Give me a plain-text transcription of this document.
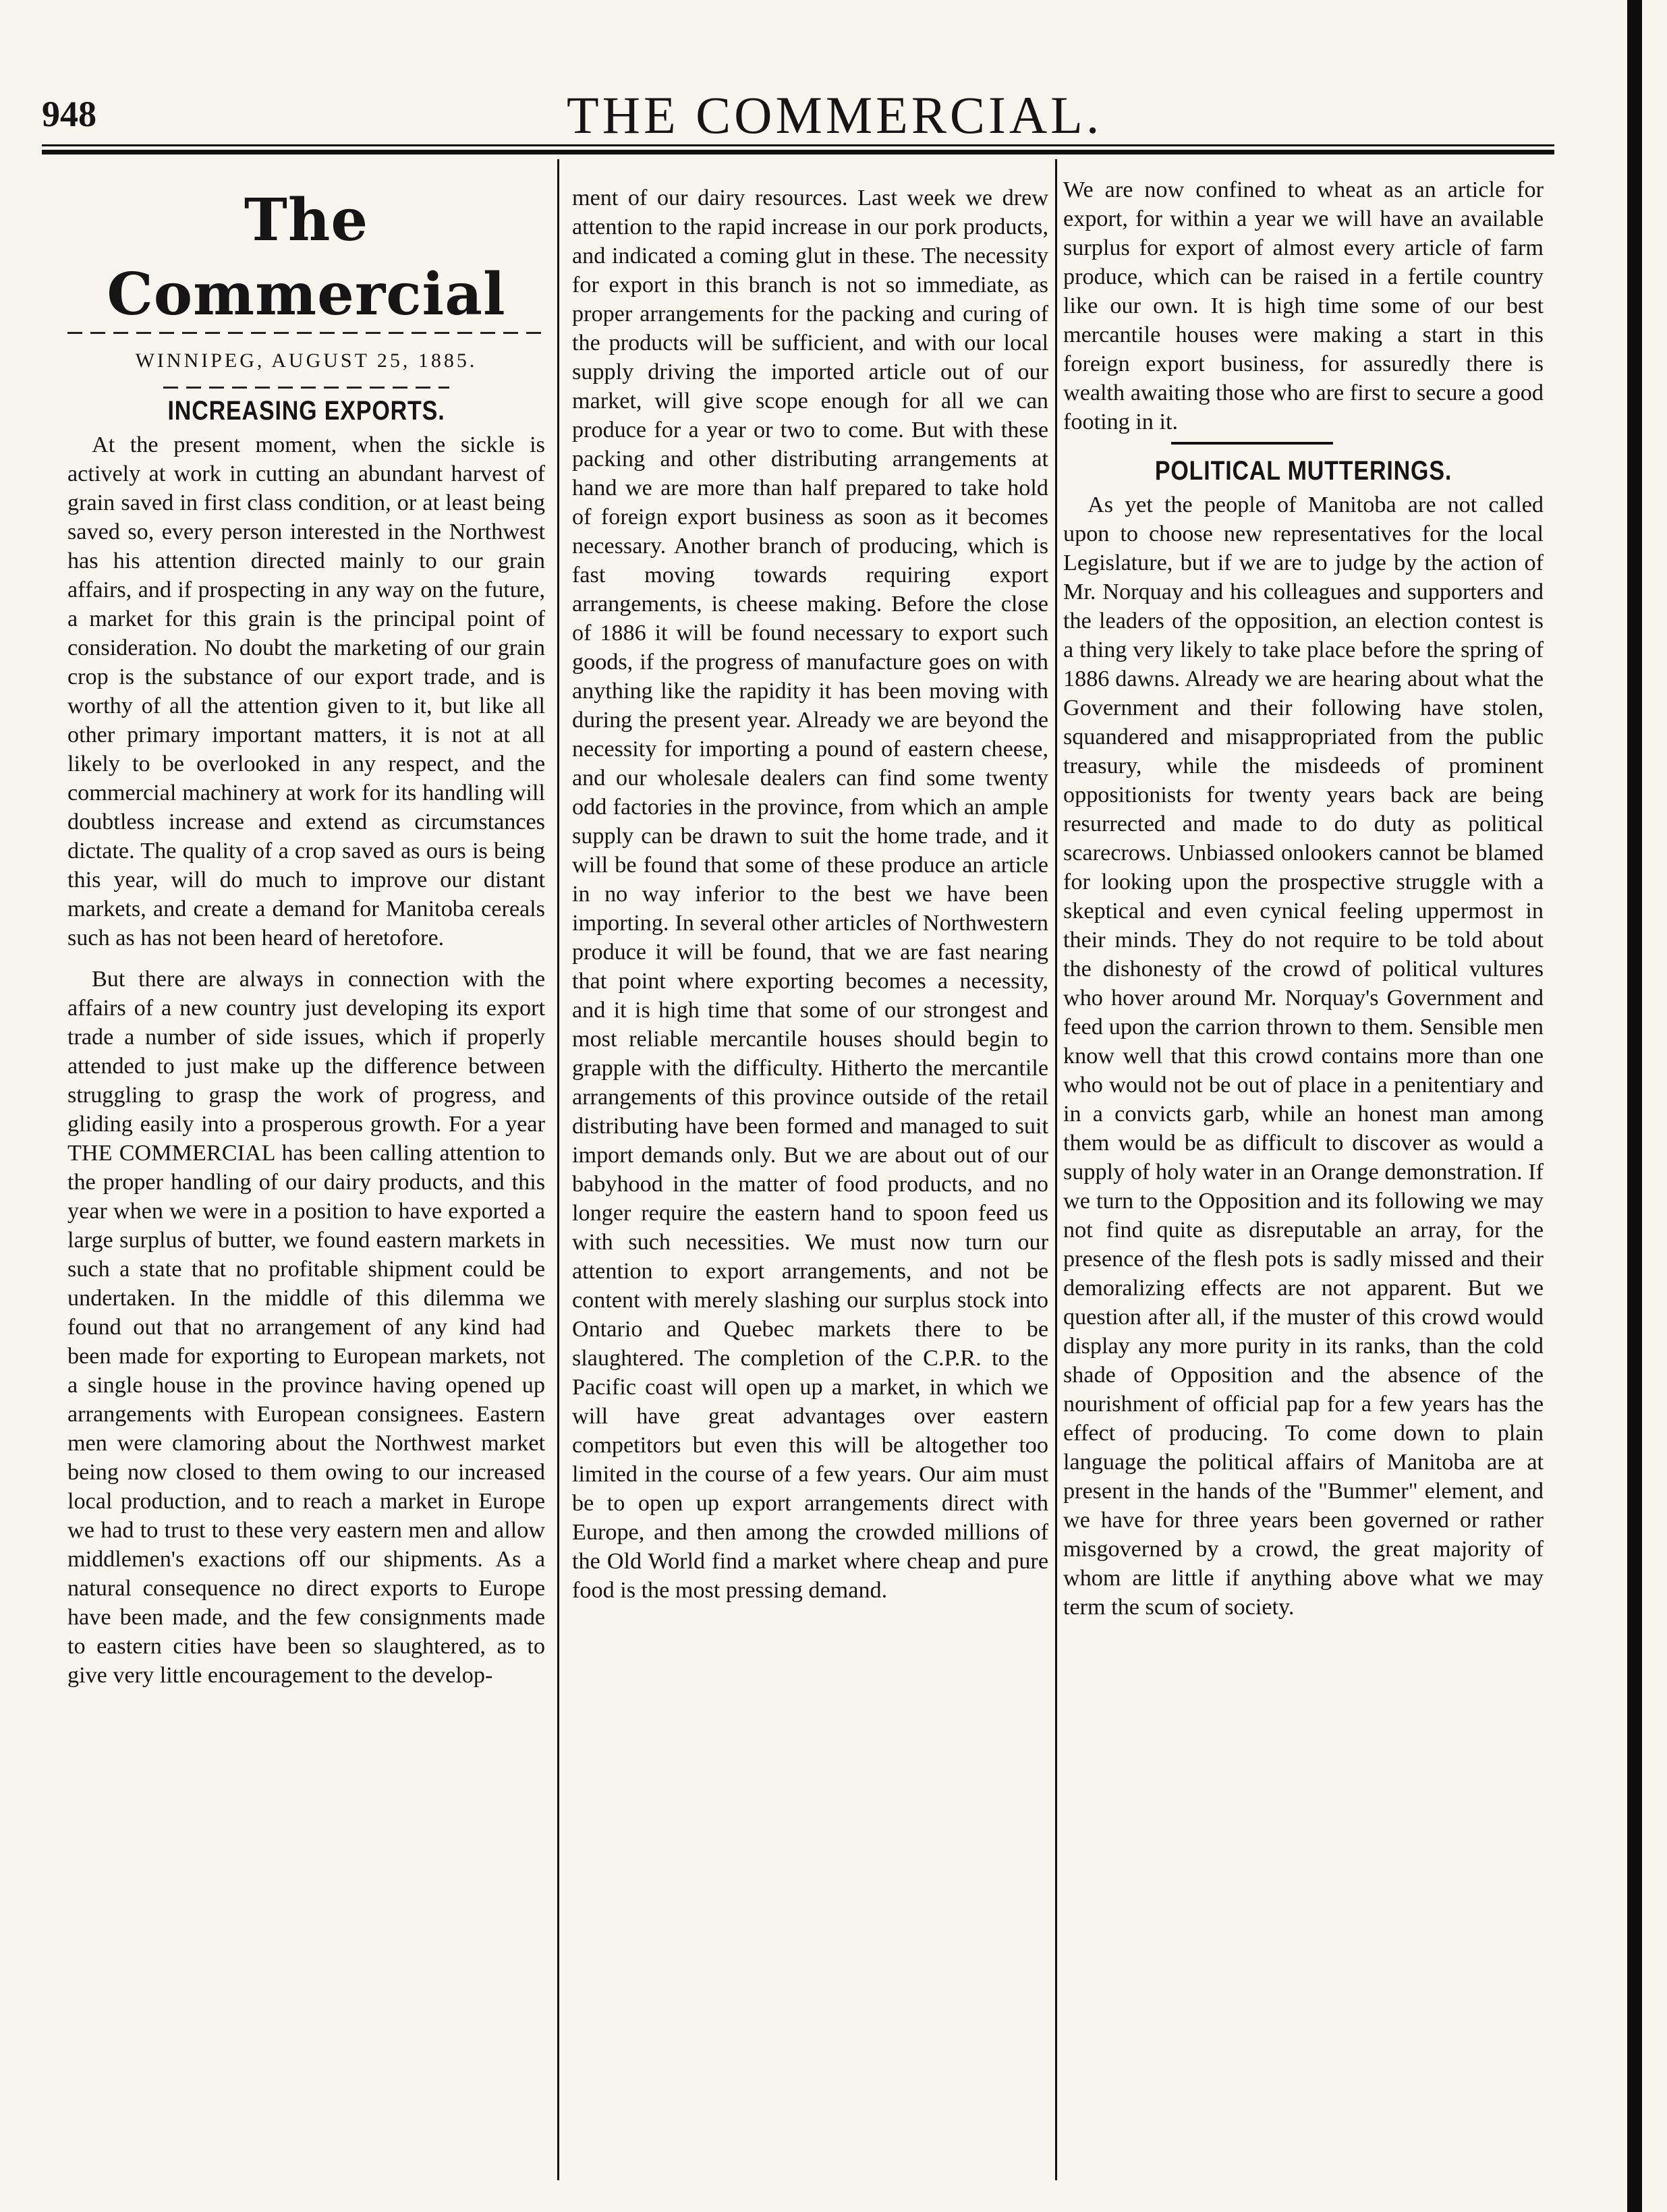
948	THE COMMERCIAL.
The Commercial
WINNIPEG, AUGUST 25, 1885.
INCREASING EXPORTS.

At the present moment, when the sickle is actively at work in cutting an abundant harvest of grain saved in first class condition, or at least being saved so, every person interested in the Northwest has his attention directed mainly to our grain affairs, and if prospecting in any way on the future, a market for this grain is the principal point of consideration. No doubt the marketing of our grain crop is the substance of our export trade, and is worthy of all the attention given to it, but like all other primary important matters, it is not at all likely to be overlooked in any respect, and the commercial machinery at work for its handling will doubtless increase and extend as circumstances dictate. The quality of a crop saved as ours is being this year, will do much to improve our distant markets, and create a demand for Manitoba cereals such as has not been heard of heretofore.

But there are always in connection with the affairs of a new country just developing its export trade a number of side issues, which if properly attended to just make up the difference between struggling to grasp the work of progress, and gliding easily into a prosperous growth. For a year THE COMMERCIAL has been calling attention to the proper handling of our dairy products, and this year when we were in a position to have exported a large surplus of butter, we found eastern markets in such a state that no profitable shipment could be undertaken. In the middle of this dilemma we found out that no arrangement of any kind had been made for exporting to European markets, not a single house in the province having opened up arrangements with European consignees. Eastern men were clamoring about the Northwest market being now closed to them owing to our increased local production, and to reach a market in Europe we had to trust to these very eastern men and allow middlemen's exactions off our shipments. As a natural consequence no direct exports to Europe have been made, and the few consignments made to eastern cities have been so slaughtered, as to give very little encouragement to the develop-

ment of our dairy resources. Last week we drew attention to the rapid increase in our pork products, and indicated a coming glut in these. The necessity for export in this branch is not so immediate, as proper arrangements for the packing and curing of the products will be sufficient, and with our local supply driving the imported article out of our market, will give scope enough for all we can produce for a year or two to come. But with these packing and other distributing arrangements at hand we are more than half prepared to take hold of foreign export business as soon as it becomes necessary. Another branch of producing, which is fast moving towards requiring export arrangements, is cheese making. Before the close of 1886 it will be found necessary to export such goods, if the progress of manufacture goes on with anything like the rapidity it has been moving with during the present year. Already we are beyond the necessity for importing a pound of eastern cheese, and our wholesale dealers can find some twenty odd factories in the province, from which an ample supply can be drawn to suit the home trade, and it will be found that some of these produce an article in no way inferior to the best we have been importing. In several other articles of Northwestern produce it will be found, that we are fast nearing that point where exporting becomes a necessity, and it is high time that some of our strongest and most reliable mercantile houses should begin to grapple with the difficulty. Hitherto the mercantile arrangements of this province outside of the retail distributing have been formed and managed to suit import demands only. But we are about out of our babyhood in the matter of food products, and no longer require the eastern hand to spoon feed us with such necessities. We must now turn our attention to export arrangements, and not be content with merely slashing our surplus stock into Ontario and Quebec markets there to be slaughtered. The completion of the C.P.R. to the Pacific coast will open up a market, in which we will have great advantages over eastern competitors but even this will be altogether too limited in the course of a few years. Our aim must be to open up export arrangements direct with Europe, and then among the crowded millions of the Old World find a market where cheap and pure food is the most pressing demand.

We are now confined to wheat as an article for export, for within a year we will have an available surplus for export of almost every article of farm produce, which can be raised in a fertile country like our own. It is high time some of our best mercantile houses were making a start in this foreign export business, for assuredly there is wealth awaiting those who are first to secure a good footing in it.

POLITICAL MUTTERINGS.

As yet the people of Manitoba are not called upon to choose new representatives for the local Legislature, but if we are to judge by the action of Mr. Norquay and his colleagues and supporters and the leaders of the opposition, an election contest is a thing very likely to take place before the spring of 1886 dawns. Already we are hearing about what the Government and their following have stolen, squandered and misappropriated from the public treasury, while the misdeeds of prominent oppositionists for twenty years back are being resurrected and made to do duty as political scarecrows. Unbiassed onlookers cannot be blamed for looking upon the prospective struggle with a skeptical and even cynical feeling uppermost in their minds. They do not require to be told about the dishonesty of the crowd of political vultures who hover around Mr. Norquay's Government and feed upon the carrion thrown to them. Sensible men know well that this crowd contains more than one who would not be out of place in a penitentiary and in a convicts garb, while an honest man among them would be as difficult to discover as would a supply of holy water in an Orange demonstration. If we turn to the Opposition and its following we may not find quite as disreputable an array, for the presence of the flesh pots is sadly missed and their demoralizing effects are not apparent. But we question after all, if the muster of this crowd would display any more purity in its ranks, than the cold shade of Opposition and the absence of the nourishment of official pap for a few years has the effect of producing. To come down to plain language the political affairs of Manitoba are at present in the hands of the "Bummer" element, and we have for three years been governed or rather misgoverned by a crowd, the great majority of whom are little if anything above what we may term the scum of society.
